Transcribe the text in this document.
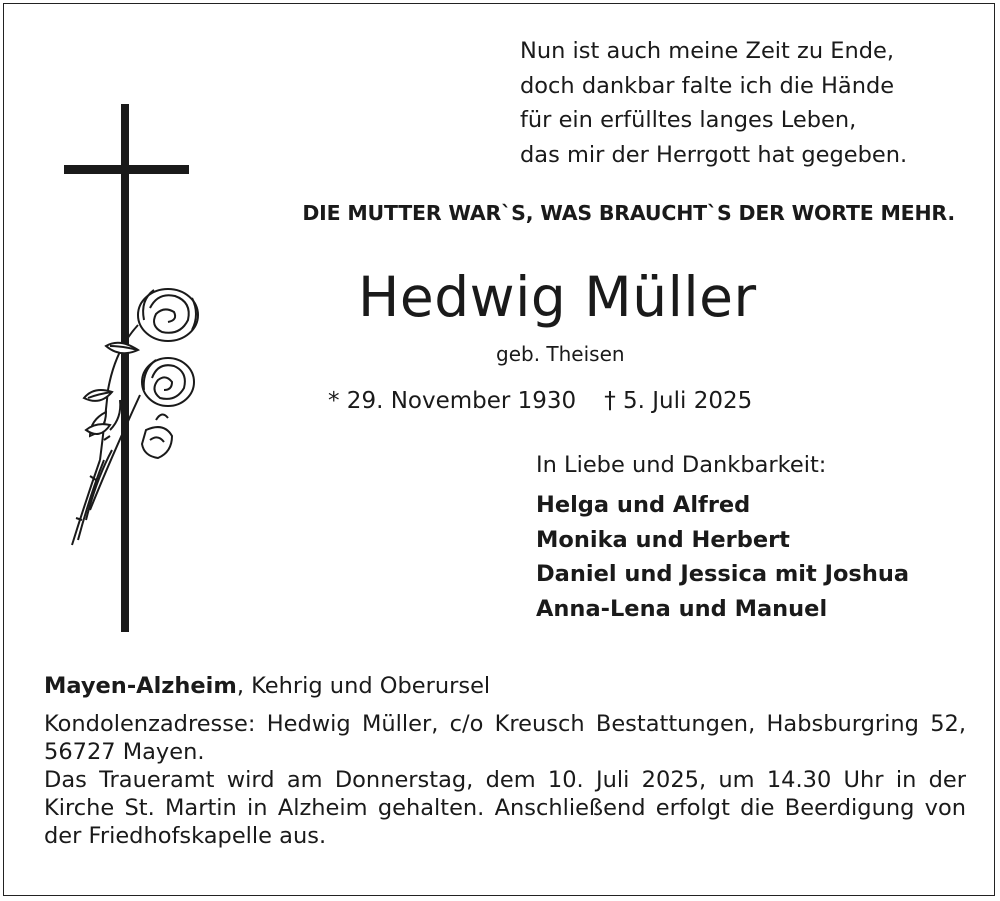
Nun ist auch meine Zeit zu Ende,
doch dankbar falte ich die Hände
für ein erfülltes langes Leben,
das mir der Herrgott hat gegeben.
DIE MUTTER WAR`S, WAS BRAUCHT`S DER WORTE MEHR.
Hedwig Müller
geb. Theisen
* 29. November 1930 † 5. Juli 2025
In Liebe und Dankbarkeit:
Helga und Alfred
Monika und Herbert
Daniel und Jessica mit Joshua
Anna-Lena und Manuel

Mayen-Alzheim, Kehrig und Oberursel

Kondolenzadresse: Hedwig Müller, c/o Kreusch Bestattungen, Habsburgring 52, 56727 Mayen.

Das Traueramt wird am Donnerstag, dem 10. Juli 2025, um 14.30 Uhr in der Kirche St. Martin in Alzheim gehalten. Anschließend erfolgt die Beerdigung von der Friedhofskapelle aus.
